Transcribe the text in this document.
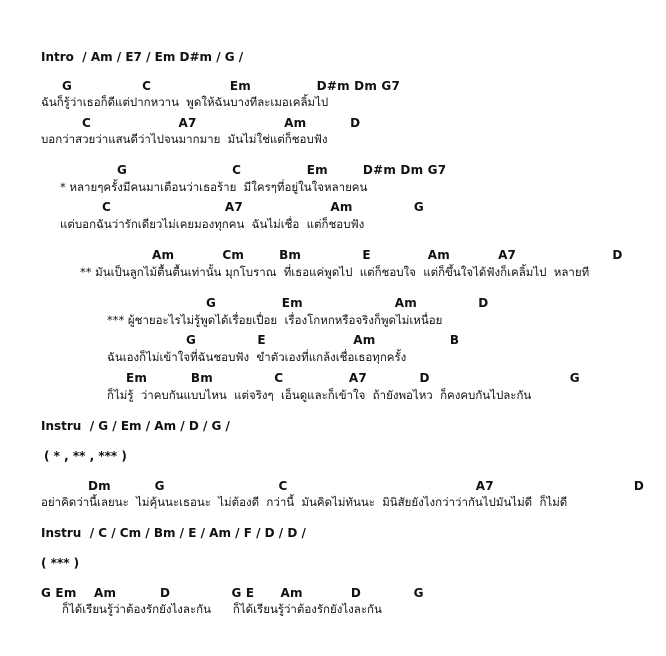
Intro  / Am / E7 / Em D#m / G /
G                C                  Em               D#m Dm G7
ฉันก็รู้ว่าเธอก็ดีแต่ปากหวาน  พูดให้ฉันบางทีละเมอเคลิ้มไป
C                    A7                    Am          D
บอกว่าสวยว่าแสนดีว่าไปจนมากมาย  มันไม่ใช่แต่ก็ชอบฟัง
G                        C               Em        D#m Dm G7
* หลายๆครั้งมีคนมาเตือนว่าเธอร้าย  มีใครๆที่อยู่ในใจหลายคน
C                          A7                    Am              G
แต่บอกฉันว่ารักเดียวไม่เคยมองทุกคน  ฉันไม่เชื่อ  แต่ก็ชอบฟัง
Am           Cm        Bm              E             Am           A7                      D
** มันเป็นลูกไม้ตื้นตื้นเท่านั้น มุกโบราณ  ที่เธอแค่พูดไป  แต่ก็ชอบใจ  แต่ก็ขึ้นใจได้ฟังก็เคลิ้มไป  หลายที
G               Em                     Am              D
*** ผู้ชายอะไรไม่รู้พูดได้เรื่อยเปื่อย  เรื่องโกหกหรือจริงก็พูดไม่เหนื่อย
G              E                    Am                 B
ฉันเองก็ไม่เข้าใจที่ฉันชอบฟัง  ขำตัวเองที่แกล้งเชื่อเธอทุกครั้ง
Em          Bm              C               A7            D                                G
ก็ไม่รู้  ว่าคบกันแบบไหน  แต่จริงๆ  เอ็นดูและก็เข้าใจ  ถ้ายังพอไหว  ก็คงคบกันไปละกัน
Instru  / G / Em / Am / D / G /
( * , ** , *** )
Dm          G                          C                                           A7                                D
อย่าคิดว่านี้เลยนะ  ไม่คุ้นนะเธอนะ  ไม่ต้องดี  กว่านี้  มันคิดไม่ทันนะ  มินิสัยยังไงกว่าว่ากันไปมันไม่ดี  ก็ไม่ดี
Instru  / C / Cm / Bm / E / Am / F / D / D /
( *** )
G Em    Am          D              G E      Am           D            G
ก็ได้เรียนรู้ว่าต้องรักยังไงละกัน      ก็ได้เรียนรู้ว่าต้องรักยังไงละกัน
